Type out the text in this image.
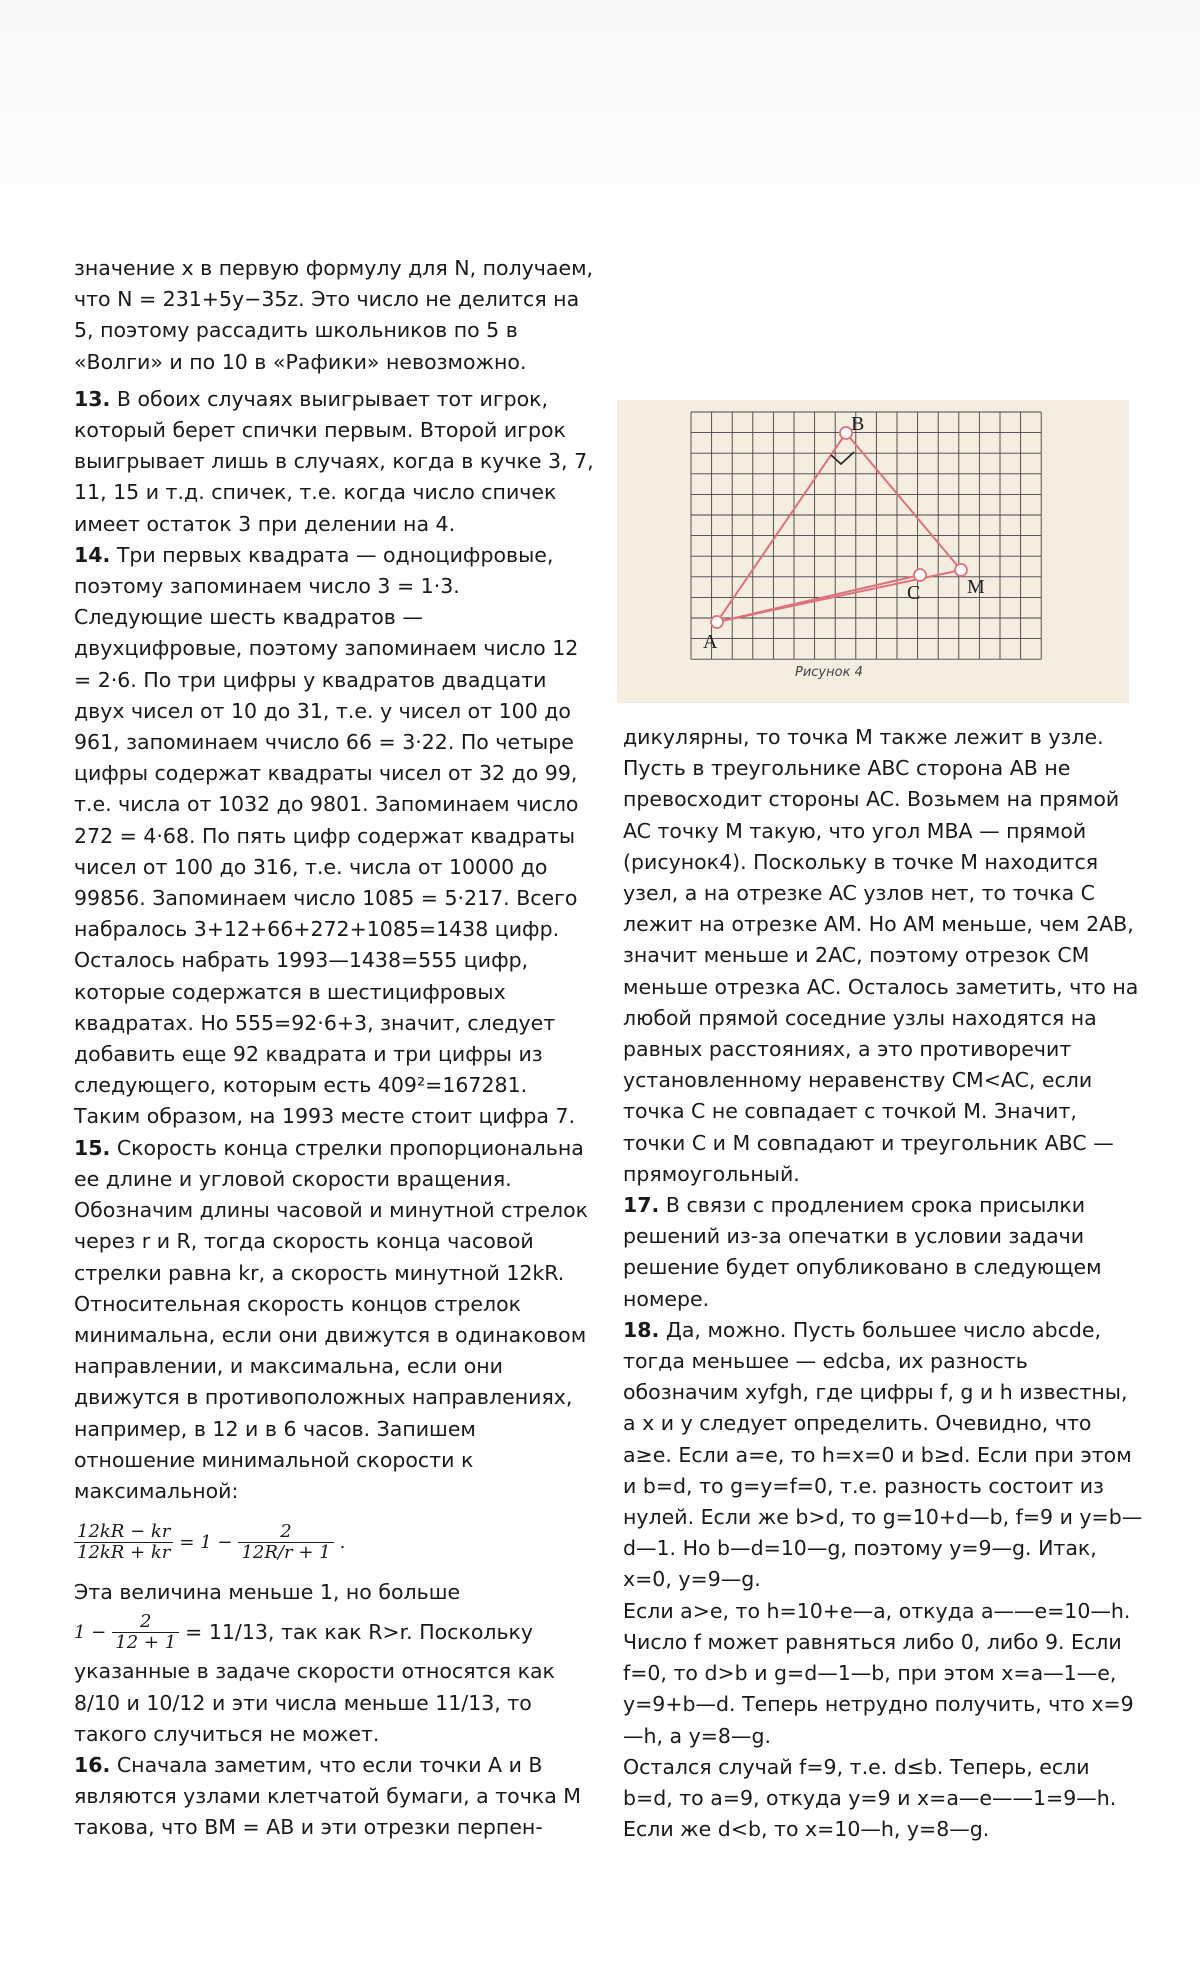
значение x в первую формулу для N, получаем, что N = 231+5y−35z. Это число не делится на 5, поэтому рассадить школьников по 5 в «Волги» и по 10 в «Рафики» невозможно.

13. В обоих случаях выигрывает тот игрок, который берет спички первым. Второй игрок выигрывает лишь в случаях, когда в кучке 3, 7, 11, 15 и т.д. спичек, т.е. когда число спичек имеет остаток 3 при делении на 4.

14. Три первых квадрата — одноцифровые, поэтому запоминаем число 3 = 1·3. Следующие шесть квадратов — двухцифровые, поэтому запоминаем число 12 = 2·6. По три цифры у квадратов двадцати двух чисел от 10 до 31, т.е. у чисел от 100 до 961, запоминаем ччисло 66 = 3·22. По четыре цифры содержат квадраты чисел от 32 до 99, т.е. числа от 1032 до 9801. Запоминаем число 272 = 4·68. По пять цифр содержат квадраты чисел от 100 до 316, т.е. числа от 10000 до 99856. Запоминаем число 1085 = 5·217. Всего набралось 3+12+66+272+1085=1438 цифр. Осталось набрать 1993—1438=555 цифр, которые содержатся в шестицифровых квадратах. Но 555=92·6+3, значит, следует добавить еще 92 квадрата и три цифры из следующего, которым есть 409²=167281. Таким образом, на 1993 месте стоит цифра 7.

15. Скорость конца стрелки пропорциональна ее длине и угловой скорости вращения. Обозначим длины часовой и минутной стрелок через r и R, тогда скорость конца часовой стрелки равна kr, а скорость минутной 12kR. Относительная скорость концов стрелок минимальна, если они движутся в одинаковом направлении, и максимальна, если они движутся в противоположных направлениях, например, в 12 и в 6 часов. Запишем отношение минимальной скорости к максимальной:

$\frac{12kR - kr}{12kR + kr} = 1 - \frac{2}{12R/r + 1}$ .

Эта величина меньше 1, но больше

$1 - \frac{2}{12 + 1} = 11/13$, так как R>r. Поскольку

указанные в задаче скорости относятся как 8/10 и 10/12 и эти числа меньше 11/13, то такого случиться не может.

16. Сначала заметим, что если точки A и B являются узлами клетчатой бумаги, а точка M такова, что BM = AB и эти отрезки перпен-

A
B
C M
Рисунок 4

дикулярны, то точка M также лежит в узле. Пусть в треугольнике ABC сторона AB не превосходит стороны AC. Возьмем на прямой AC точку M такую, что угол MBA — прямой (рисунок4). Поскольку в точке M находится узел, а на отрезке AC узлов нет, то точка C лежит на отрезке AM. Но AM меньше, чем 2AB, значит меньше и 2AC, поэтому отрезок CM меньше отрезка AC. Осталось заметить, что на любой прямой соседние узлы находятся на равных расстояниях, а это противоречит установленному неравенству CM<AC, если точка C не совпадает с точкой M. Значит, точки C и M совпадают и треугольник ABC — прямоугольный.

17. В связи с продлением срока присылки решений из-за опечатки в условии задачи решение будет опубликовано в следующем номере.

18. Да, можно. Пусть большее число abcde, тогда меньшее — edcba, их разность обозначим xyfgh, где цифры f, g и h известны, а x и y следует определить. Очевидно, что a≥e. Если a=e, то h=x=0 и b≥d. Если при этом и b=d, то g=y=f=0, т.е. разность состоит из нулей. Если же b>d, то g=10+d—b, f=9 и y=b—d—1. Но b—d=10—g, поэтому y=9—g. Итак, x=0, y=9—g.

Если a>e, то h=10+e—a, откуда a——e=10—h. Число f может равняться либо 0, либо 9. Если f=0, то d>b и g=d—1—b, при этом x=a—1—e, y=9+b—d. Теперь нетрудно получить, что x=9—h, а y=8—g.

Остался случай f=9, т.е. d≤b. Теперь, если b=d, то a=9, откуда y=9 и x=a—e——1=9—h. Если же d<b, то x=10—h, y=8—g.
